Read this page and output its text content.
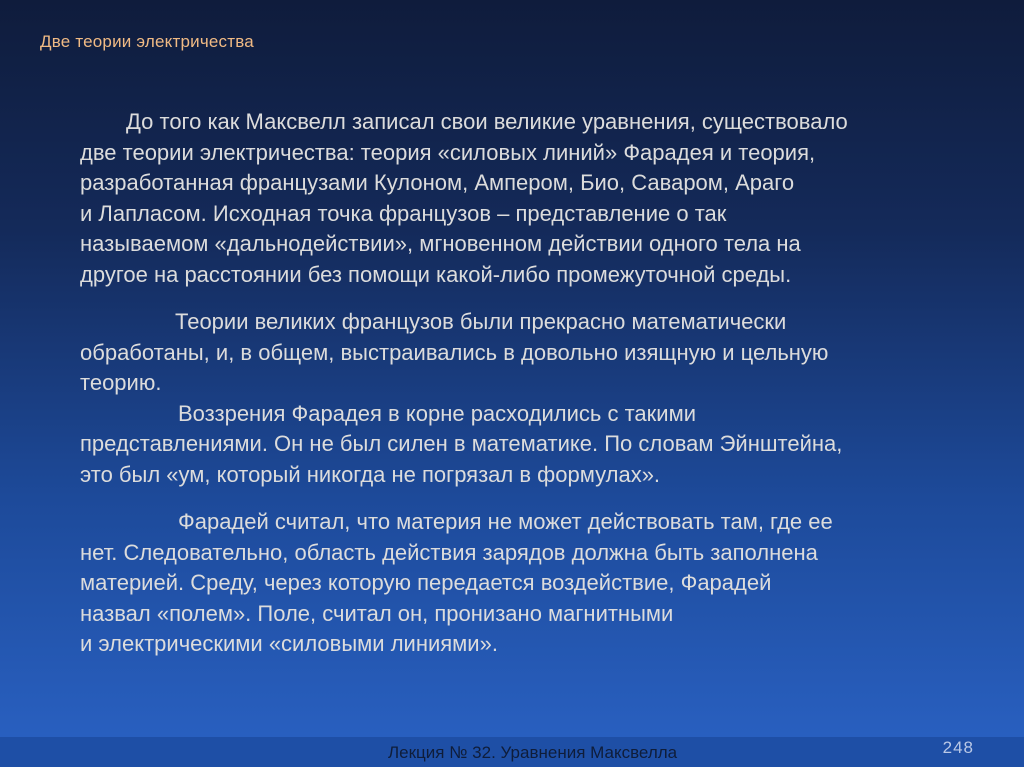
Две теории электричества

До того как Максвелл записал свои великие уравнения, существовало
две теории электричества: теория «силовых линий» Фарадея и теория,
разработанная французами Кулоном, Ампером, Био, Саваром, Араго
и Лапласом. Исходная точка французов – представление о так
называемом «дальнодействии», мгновенном действии одного тела на
другое на расстоянии без помощи какой-либо промежуточной среды.

Теории великих французов были прекрасно математически
обработаны, и, в общем, выстраивались в довольно изящную и цельную
теорию.

Воззрения Фарадея в корне расходились с такими
представлениями. Он не был силен в математике. По словам Эйнштейна,
это был «ум, который никогда не погрязал в формулах».

Фарадей считал, что материя не может действовать там, где ее
нет. Следовательно, область действия зарядов должна быть заполнена
материей. Среду, через которую передается воздействие, Фарадей
назвал «полем». Поле, считал он, пронизано магнитными
и электрическими «силовыми линиями».

Лекция № 32. Уравнения Максвелла	248
